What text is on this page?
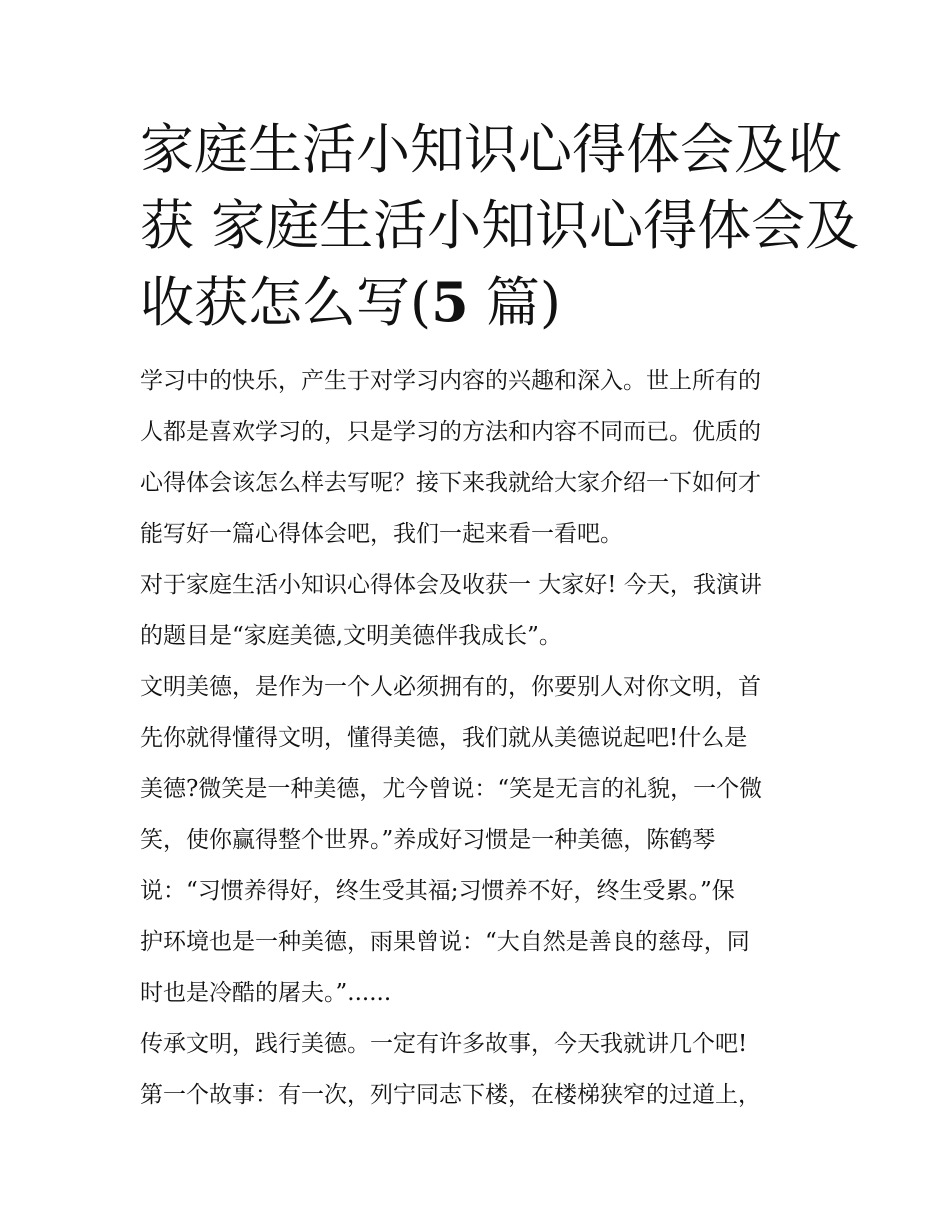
家庭生活小知识心得体会及收
获 家庭生活小知识心得体会及
收获怎么写(5 篇)
学习中的快乐，产生于对学习内容的兴趣和深入。世上所有的
人都是喜欢学习的，只是学习的方法和内容不同而已。优质的
心得体会该怎么样去写呢？接下来我就给大家介绍一下如何才
能写好一篇心得体会吧，我们一起来看一看吧。
对于家庭生活小知识心得体会及收获一 大家好! 今天，我演讲
的题目是“家庭美德,文明美德伴我成长”。
文明美德，是作为一个人必须拥有的，你要别人对你文明，首
先你就得懂得文明，懂得美德，我们就从美德说起吧!什么是
美德?微笑是一种美德，尤今曾说：“笑是无言的礼貌，一个微
笑，使你赢得整个世界。”养成好习惯是一种美德，陈鹤琴
说：“习惯养得好，终生受其福;习惯养不好，终生受累。”保
护环境也是一种美德，雨果曾说：“大自然是善良的慈母，同
时也是冷酷的屠夫。”......
传承文明，践行美德。一定有许多故事，今天我就讲几个吧!
第一个故事：有一次，列宁同志下楼，在楼梯狭窄的过道上，
